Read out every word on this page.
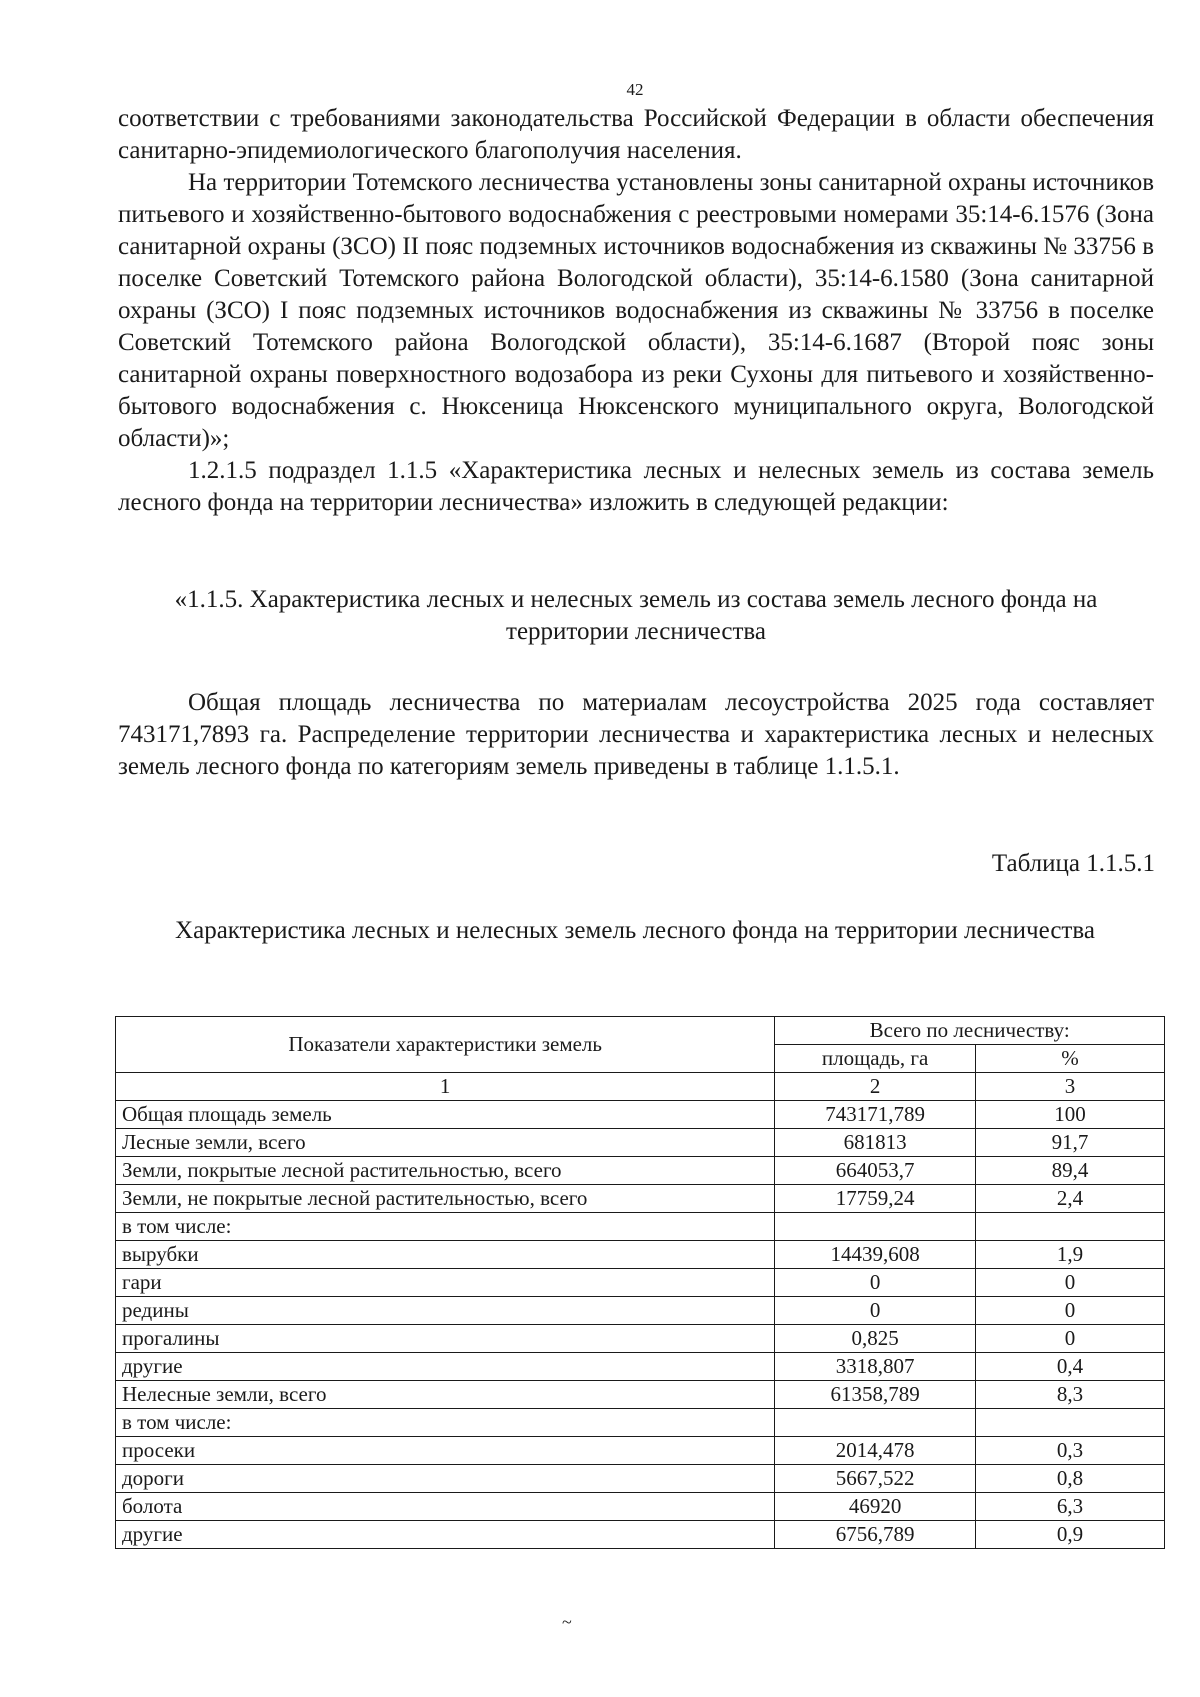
42

соответствии с требованиями законодательства Российской Федерации в области обеспечения санитарно-эпидемиологического благополучия населения.

На территории Тотемского лесничества установлены зоны санитарной охраны источников питьевого и хозяйственно-бытового водоснабжения с реестровыми номерами 35:14-6.1576 (Зона санитарной охраны (ЗСО) II пояс подземных источников водоснабжения из скважины № 33756 в поселке Советский Тотемского района Вологодской области), 35:14-6.1580 (Зона санитарной охраны (ЗСО) I пояс подземных источников водоснабжения из скважины № 33756 в поселке Советский Тотемского района Вологодской области), 35:14-6.1687 (Второй пояс зоны санитарной охраны поверхностного водозабора из реки Сухоны для питьевого и хозяйственно-бытового водоснабжения с. Нюксеница Нюксенского муниципального округа, Вологодской области)»;

1.2.1.5 подраздел 1.1.5 «Характеристика лесных и нелесных земель из состава земель лесного фонда на территории лесничества» изложить в следующей редакции:

«1.1.5. Характеристика лесных и нелесных земель из состава земель лесного фонда на территории лесничества

Общая площадь лесничества по материалам лесоустройства 2025 года составляет 743171,7893 га. Распределение территории лесничества и характеристика лесных и нелесных земель лесного фонда по категориям земель приведены в таблице 1.1.5.1.

Таблица 1.1.5.1
Характеристика лесных и нелесных земель лесного фонда на территории лесничества
Показатели характеристики земель	Всего по лесничеству:	
	площадь, га	%
1	2	3
Общая площадь земель	743171,789	100
Лесные земли, всего	681813	91,7
Земли, покрытые лесной растительностью, всего	664053,7	89,4
Земли, не покрытые лесной растительностью, всего	17759,24	2,4
в том числе:		
вырубки	14439,608	1,9
гари	0	0
редины	0	0
прогалины	0,825	0
другие	3318,807	0,4
Нелесные земли, всего	61358,789	8,3
в том числе:		
просеки	2014,478	0,3
дороги	5667,522	0,8
болота	46920	6,3
другие	6756,789	0,9
~
